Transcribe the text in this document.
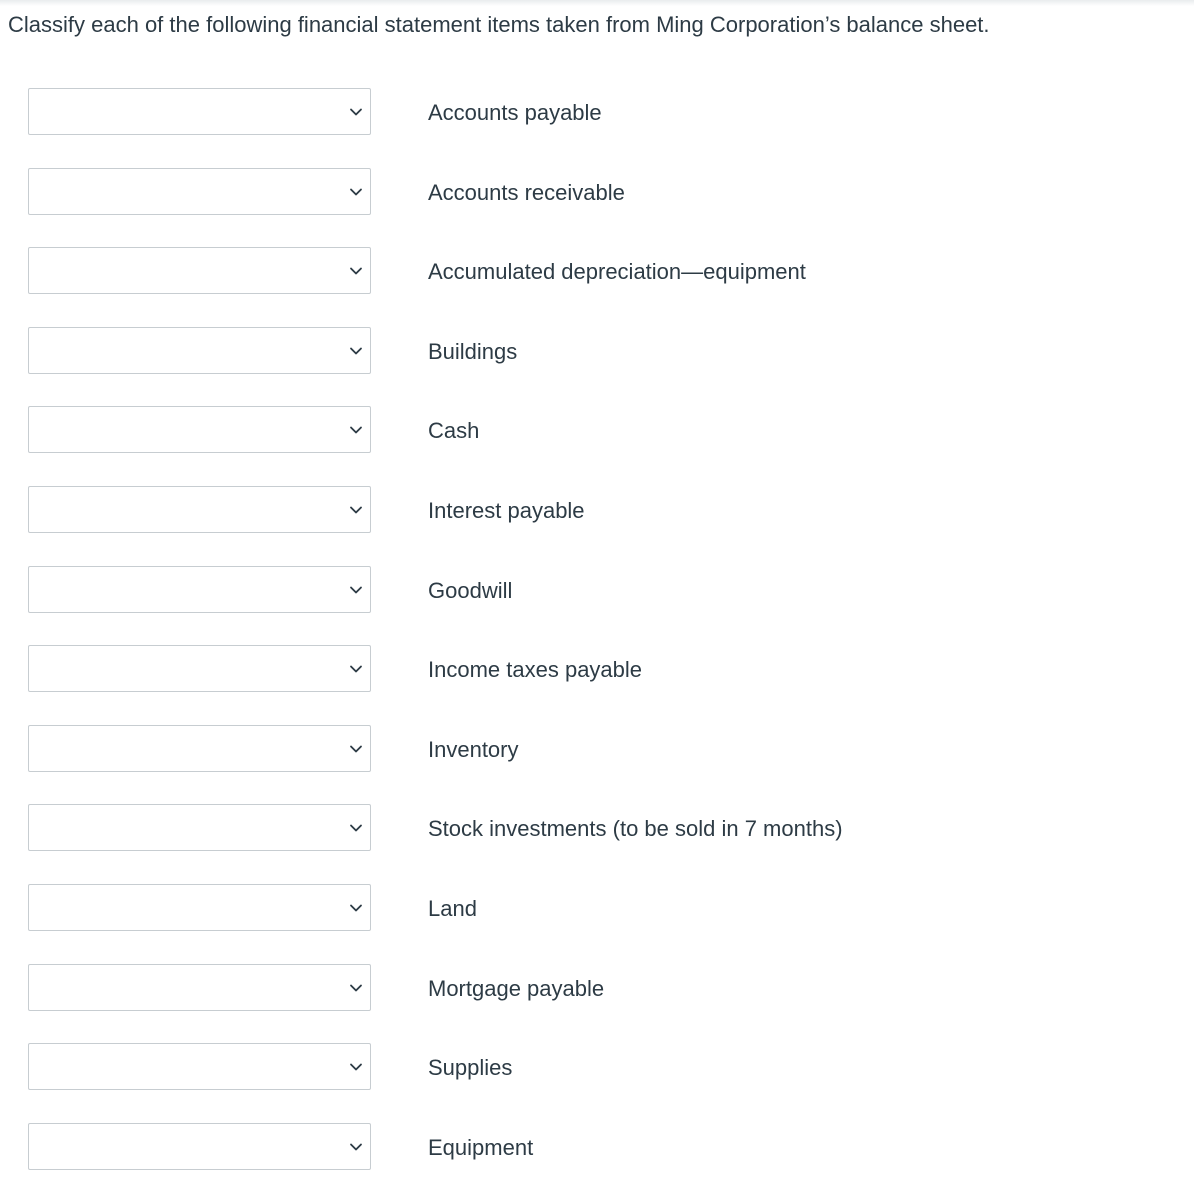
Classify each of the following financial statement items taken from Ming Corporation’s balance sheet.
Accounts payable
Accounts receivable
Accumulated depreciation—equipment
Buildings
Cash
Interest payable
Goodwill
Income taxes payable
Inventory
Stock investments (to be sold in 7 months)
Land
Mortgage payable
Supplies
Equipment
